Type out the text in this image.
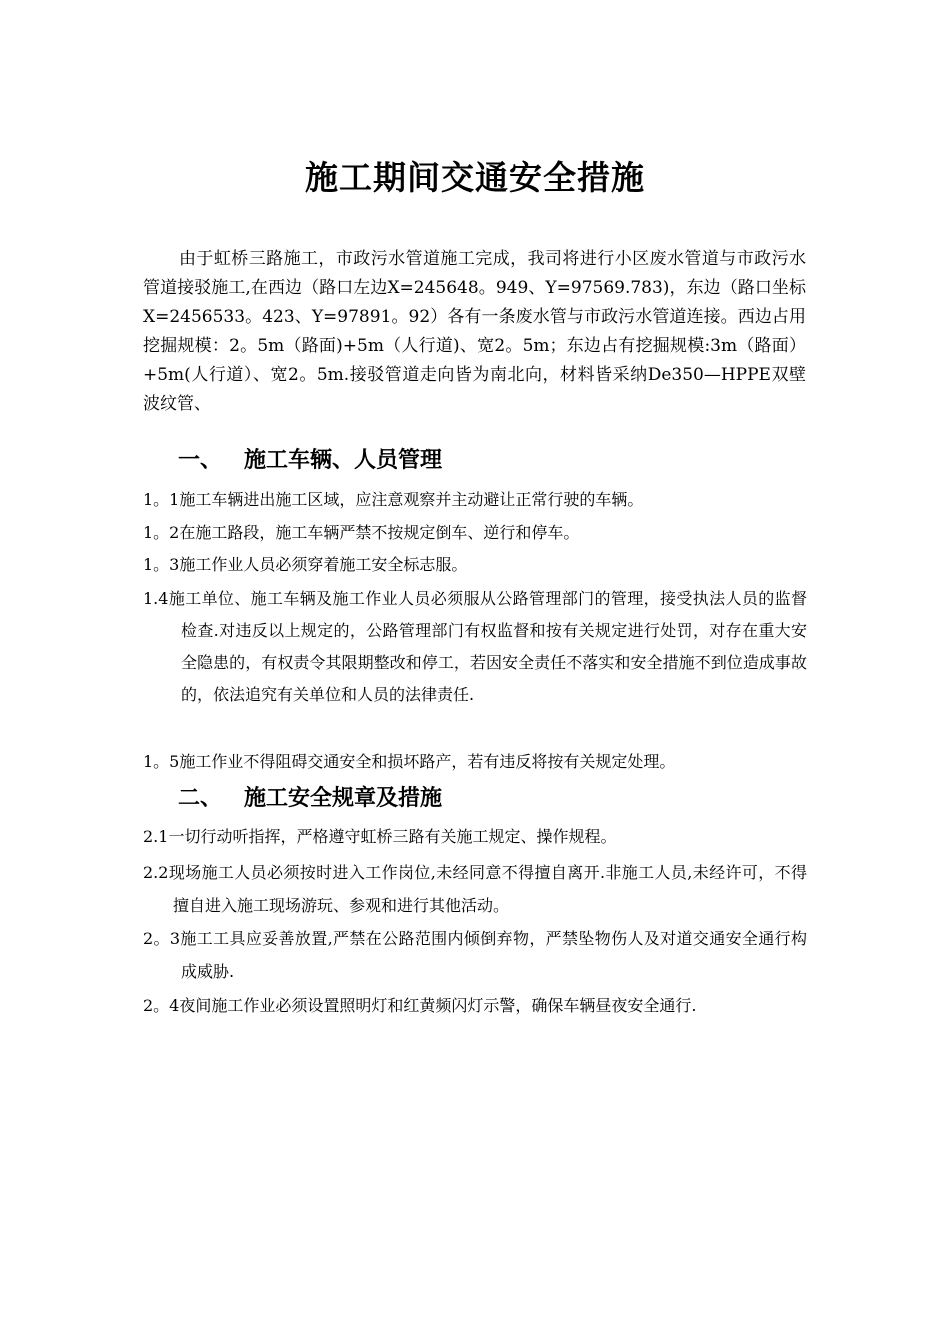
施工期间交通安全措施

由于虹桥三路施工，市政污水管道施工完成，我司将进行小区废水管道与市政污水管道接驳施工,在西边（路口左边X=245648。949、Y=97569.783)，东边（路口坐标X=2456533。423、Y=97891。92）各有一条废水管与市政污水管道连接。西边占用挖掘规模：2。5m（路面)+5m（人行道)、宽2。5m；东边占有挖掘规模:3m（路面）+5m(人行道）、宽2。5m.接驳管道走向皆为南北向，材料皆采纳De350—HPPE双壁波纹管、

一、 施工车辆、人员管理

1。1施工车辆进出施工区域，应注意观察并主动避让正常行驶的车辆。

1。2在施工路段，施工车辆严禁不按规定倒车、逆行和停车。

1。3施工作业人员必须穿着施工安全标志服。

1.4施工单位、施工车辆及施工作业人员必须服从公路管理部门的管理，接受执法人员的监督检查.对违反以上规定的，公路管理部门有权监督和按有关规定进行处罚，对存在重大安全隐患的，有权责令其限期整改和停工，若因安全责任不落实和安全措施不到位造成事故的，依法追究有关单位和人员的法律责任.

1。5施工作业不得阻碍交通安全和损坏路产，若有违反将按有关规定处理。

二、 施工安全规章及措施

2.1一切行动听指挥，严格遵守虹桥三路有关施工规定、操作规程。

2.2现场施工人员必须按时进入工作岗位,未经同意不得擅自离开.非施工人员,未经许可，不得擅自进入施工现场游玩、参观和进行其他活动。

2。3施工工具应妥善放置,严禁在公路范围内倾倒弃物，严禁坠物伤人及对道交通安全通行构成威胁.

2。4夜间施工作业必须设置照明灯和红黄频闪灯示警，确保车辆昼夜安全通行.
